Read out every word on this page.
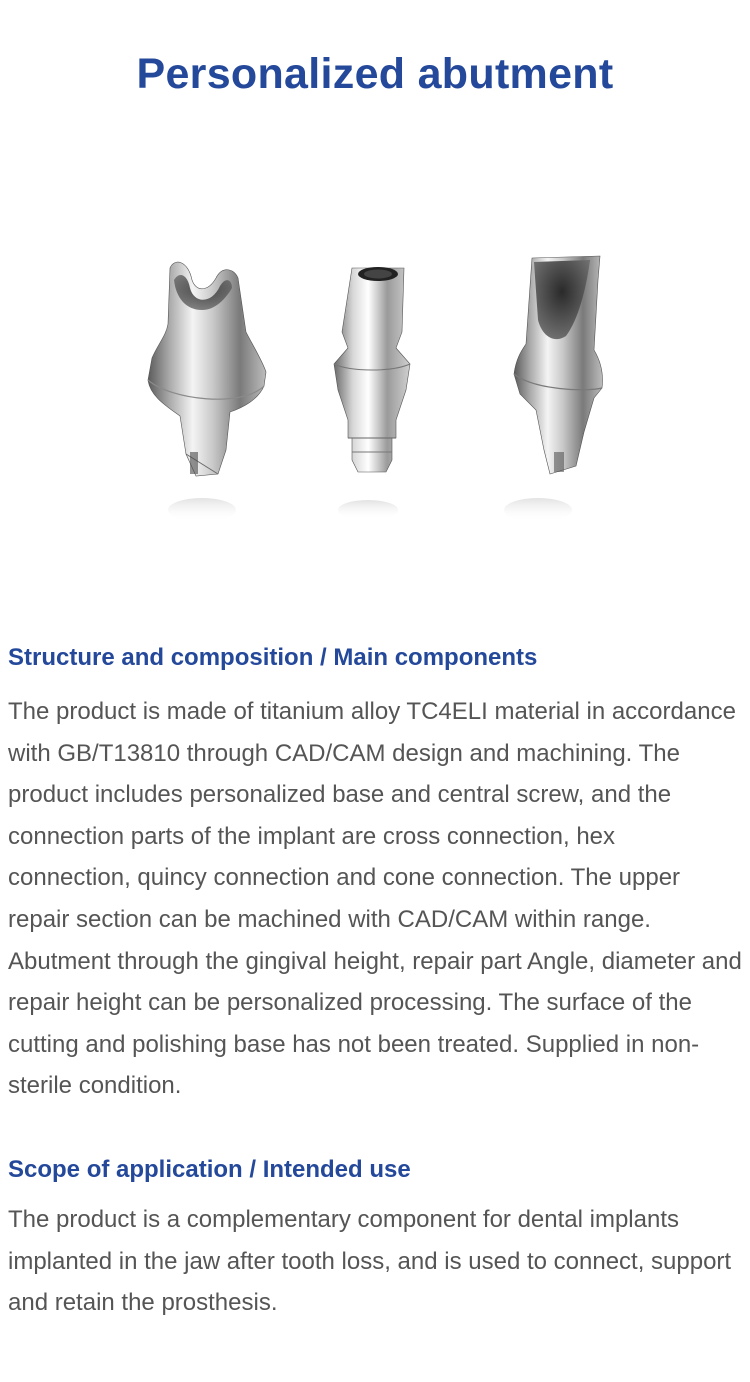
Personalized abutment
Structure and composition / Main components

The product is made of titanium alloy TC4ELI material in accordance with GB/T13810 through CAD/CAM design and machining. The product includes personalized base and central screw, and the connection parts of the implant are cross connection, hex connection, quincy connection and cone connection. The upper repair section can be machined with CAD/CAM within range. Abutment through the gingival height, repair part Angle, diameter and repair height can be personalized processing. The surface of the cutting and polishing base has not been treated. Supplied in non-sterile condition.

Scope of application / Intended use

The product is a complementary component for dental implants implanted in the jaw after tooth loss, and is used to connect, support and retain the prosthesis.
